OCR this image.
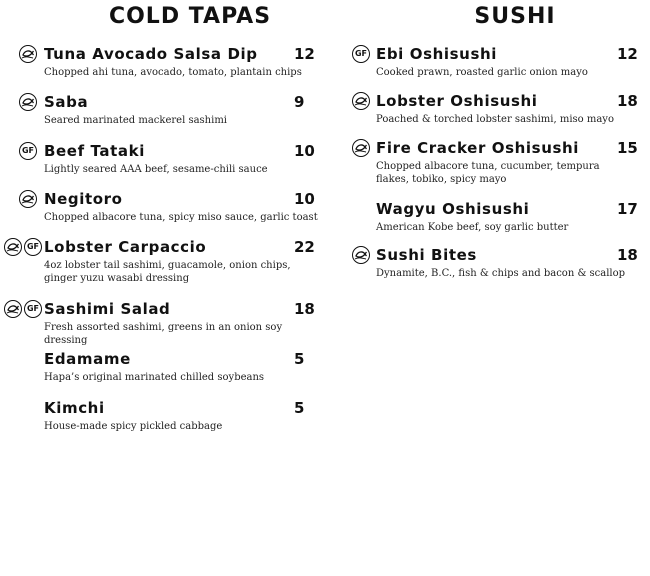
COLD TAPAS	SUSHI
Tuna Avocado Salsa Dip 12
Chopped ahi tuna, avocado, tomato, plantain chips
Saba	9
Seared marinated mackerel sashimi
GF Beef Tataki	10
Lightly seared AAA beef, sesame-chili sauce
Negitoro	10
Chopped albacore tuna, spicy miso sauce, garlic toast
GF Lobster Carpaccio	22
4oz lobster tail sashimi, guacamole, onion chips, ginger yuzu wasabi dressing
GF Sashimi Salad	18
Fresh assorted sashimi, greens in an onion soy dressing
Edamame	5
Hapa’s original marinated chilled soybeans
Kimchi	5
House-made spicy pickled cabbage
GF Ebi Oshisushi	12
Cooked prawn, roasted garlic onion mayo
Lobster Oshisushi	18
Poached & torched lobster sashimi, miso mayo
Fire Cracker Oshisushi	15
Chopped albacore tuna, cucumber, tempura flakes, tobiko, spicy mayo
Wagyu Oshisushi	17
American Kobe beef, soy garlic butter
Sushi Bites	18
Dynamite, B.C., fish & chips and bacon & scallop
